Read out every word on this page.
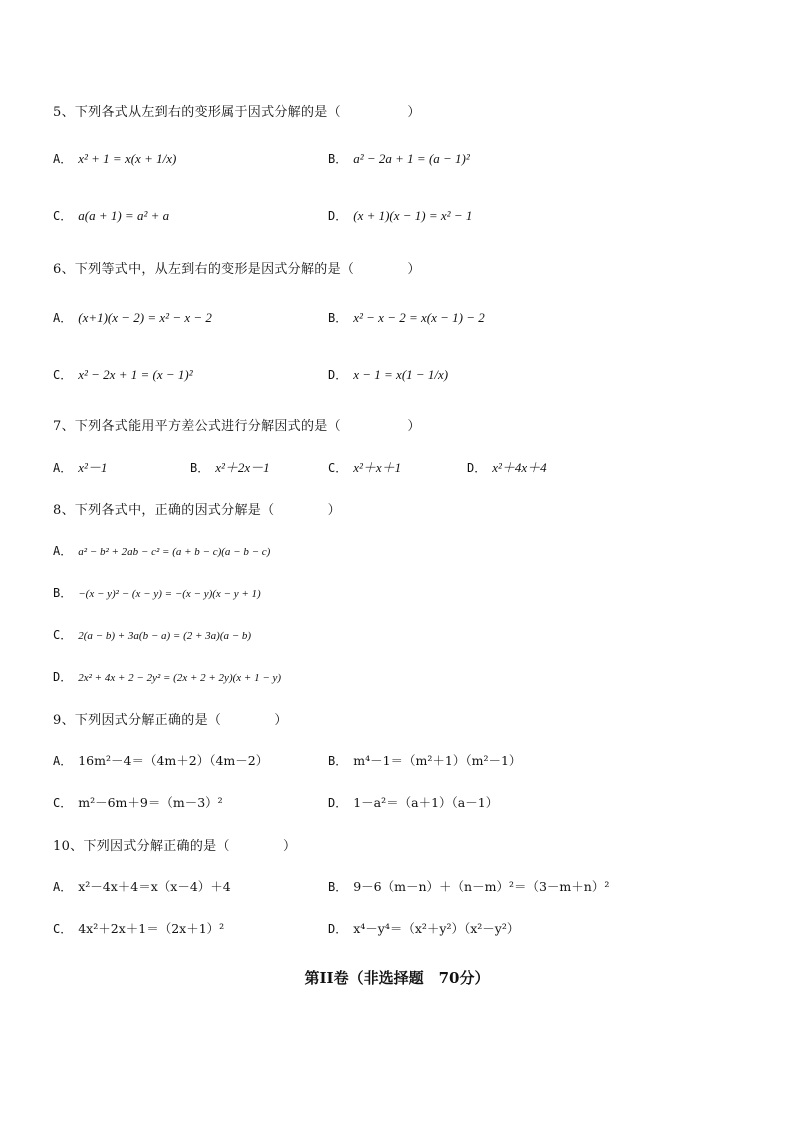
5、下列各式从左到右的变形属于因式分解的是（　　　　　）
A． x² + 1 = x(x + 1/x)	B． a² − 2a + 1 = (a − 1)²
C． a(a + 1) = a² + a	D． (x + 1)(x − 1) = x² − 1
6、下列等式中，从左到右的变形是因式分解的是（　　　　）
A． (x+1)(x − 2) = x² − x − 2	B． x² − x − 2 = x(x − 1) − 2
C． x² − 2x + 1 = (x − 1)²	D． x − 1 = x(1 − 1/x)
7、下列各式能用平方差公式进行分解因式的是（　　　　　）
A． x²－1	B． x²＋2x－1	C． x²＋x＋1	D． x²＋4x＋4
8、下列各式中，正确的因式分解是（　　　　）
A． a² − b² + 2ab − c² = (a + b − c)(a − b − c)
B． −(x − y)² − (x − y) = −(x − y)(x − y + 1)
C． 2(a − b) + 3a(b − a) = (2 + 3a)(a − b)
D． 2x² + 4x + 2 − 2y² = (2x + 2 + 2y)(x + 1 − y)
9、下列因式分解正确的是（　　　　）
A． 16m²－4＝（4m＋2）（4m－2）	B． m⁴－1＝（m²＋1）（m²－1）
C． m²－6m＋9＝（m－3）²	D． 1－a²＝（a＋1）（a－1）
10、下列因式分解正确的是（　　　　）
A． x²－4x＋4＝x（x－4）＋4	B． 9－6（m－n）＋（n－m）²＝（3－m＋n）²
C． 4x²＋2x＋1＝（2x＋1）²	D． x⁴－y⁴＝（x²＋y²）（x²－y²）
第II卷（非选择题　70分）
